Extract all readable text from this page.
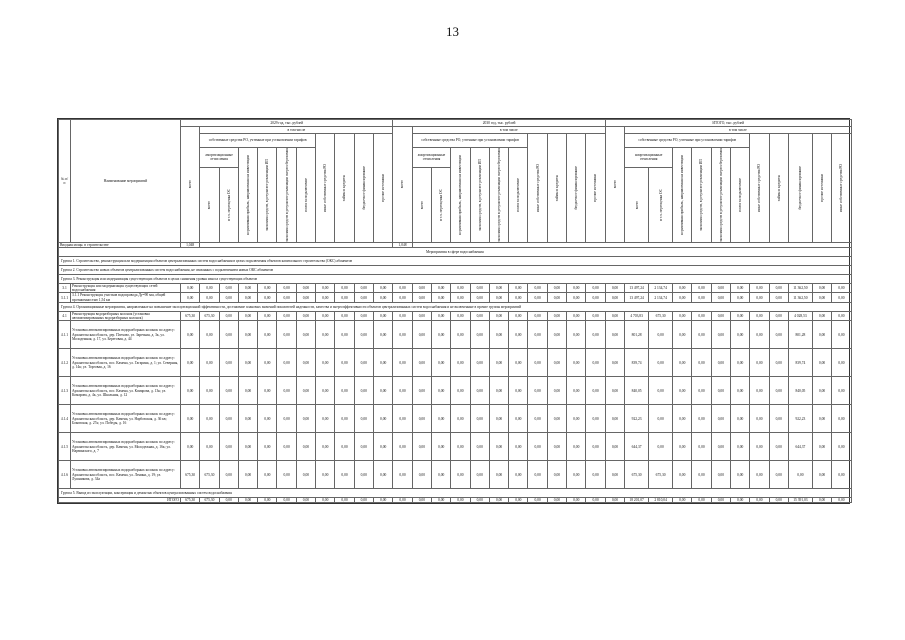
13
№ п/п	Наименование мероприятий	2029 год, тыс. рублей											2030 год, тыс. рублей											ИТОГО, тыс. рублей											

		всего	в том числе										всего	в том числе										всего	в том числе										
			собственные средства РО, учтенные при установлении тарифов						иные собственные средства РО	займы и кредиты	бюджетное финансирование	прочие источники		собственные средства РО, учтенные при установлении тарифов						иные собственные средства РО	займы и кредиты	бюджетное финансирование	прочие источники		собственные средства РО, учтенные при установлении тарифов						иные собственные средства РО	займы и кредиты	бюджетное финансирование	прочие источники	иные собственные средства РО

			амортизационные отчисления		нормативная прибыль, направленная на инвестиции	экономия средств, в результате реализации ИП	экономия средств в результате реализации энергосбережения	плата за подключение						амортизационные отчисления		нормативная прибыль, направленная на инвестиции	экономия средств, в результате реализации ИП	экономия средств в результате реализации энергосбережения	плата за подключение						амортизационные отчисления		нормативная прибыль, направленная на инвестиции	экономия средств, в результате реализации ИП	экономия средств в результате реализации энергосбережения	плата за подключение					

			всего	в т.ч. переоценка ОС										всего	в т.ч. переоценка ОС										всего	в т.ч. переоценка ОС									

Вводная мощн. в строительстве		1,048											1,048																						
Мероприятия в сфере водоснабжения																																			
Группа 1. Строительство, реконструкция или модернизация объектов централизованных систем водоснабжения в целях подключения объектов капитального строительства (ОКС) абонентов																																			
Группа 2. Строительство новых объектов централизованных систем водоснабжения, не связанных с подключением новых ОКС абонентов																																			
Группа 3. Реконструкция или модернизация существующих объектов в целях снижения уровня износа существующих объектов																																			
3.1	Реконструкция или модернизация существующих сетей водоснабжения	0,00	0,00	0,00	0,00	0,00	0,00	0,00	0,00	0,00	0,00	0,00	0,00	0,00	0,00	0,00	0,00	0,00	0,00	0,00	0,00	0,00	0,00	0,00	13 497,24	2 134,74	0,00	0,00	0,00	0,00	0,00	0,00	11 362,50	0,00	0,00
3.1.1	3.1.1 Реконструкция участков водопровода Ду=90 мм, общей протяженностью 1,54 км	0,00	0,00	0,00	0,00	0,00	0,00	0,00	0,00	0,00	0,00	0,00	0,00	0,00	0,00	0,00	0,00	0,00	0,00	0,00	0,00	0,00	0,00	0,00	13 497,24	2 134,74	0,00	0,00	0,00	0,00	0,00	0,00	11 362,50	0,00	0,00
Группа 4. Организационные мероприятия, направленные на повышение эксплуатационной эффективности, достижение плановых значений показателей надежности, качества и энергоэффективности объектов централизованных систем водоснабжения и не включенные в прочие группы мероприятий																																			
4.1	Реконструкция водоразборных колонок (установка автоматизированных водоразборных колонок)	675,30	675,30	0,00	0,00	0,00	0,00	0,00	0,00	0,00	0,00	0,00	0,00	0,00	0,00	0,00	0,00	0,00	0,00	0,00	0,00	0,00	0,00	0,00	4 703,83	675,30	0,00	0,00	0,00	0,00	0,00	0,00	4 028,53	0,00	0,00
4.1.1	Установка автоматизированных водоразборных колонок по адресу: Архангельская область, дер. Плехово, ул. Заречная, д. 3к, ул. Молодежная, д. 17, ул. Береговая, д. 44	0,00	0,00	0,00	0,00	0,00	0,00	0,00	0,00	0,00	0,00	0,00	0,00	0,00	0,00	0,00	0,00	0,00	0,00	0,00	0,00	0,00	0,00	0,00	801,28	0,00	0,00	0,00	0,00	0,00	0,00	0,00	801,28	0,00	0,00
4.1.2	Установка автоматизированных водоразборных колонок по адресу: Архангельская область, пос. Камена, ул. Гагарина, д. 1; ул. Северная, д. 14к; ул. Торговая, д. 16	0,00	0,00	0,00	0,00	0,00	0,00	0,00	0,00	0,00	0,00	0,00	0,00	0,00	0,00	0,00	0,00	0,00	0,00	0,00	0,00	0,00	0,00	0,00	839,74	0,00	0,00	0,00	0,00	0,00	0,00	0,00	839,74	0,00	0,00
4.1.3	Установка автоматизированных водоразборных колонок по адресу: Архангельская область, пос. Камена, ул. Комарова, д. 13к; ул. Комарова, д. 4к, ул. Школьная, д. 12	0,00	0,00	0,00	0,00	0,00	0,00	0,00	0,00	0,00	0,00	0,00	0,00	0,00	0,00	0,00	0,00	0,00	0,00	0,00	0,00	0,00	0,00	0,00	840,05	0,00	0,00	0,00	0,00	0,00	0,00	0,00	840,05	0,00	0,00
4.1.4	Установка автоматизированных водоразборных колонок по адресу: Архангельская область, дер. Камена, ул. Нарбовская, д. 36 кв; Боковская, д. 27к; ул. Победы, д. 16	0,00	0,00	0,00	0,00	0,00	0,00	0,00	0,00	0,00	0,00	0,00	0,00	0,00	0,00	0,00	0,00	0,00	0,00	0,00	0,00	0,00	0,00	0,00	922,23	0,00	0,00	0,00	0,00	0,00	0,00	0,00	922,23	0,00	0,00
4.1.5	Установка автоматизированных водоразборных колонок по адресу: Архангельская область, дер. Камена, ул. Молодежная, д. 16к; ул. Нарвинского, д. 7	0,00	0,00	0,00	0,00	0,00	0,00	0,00	0,00	0,00	0,00	0,00	0,00	0,00	0,00	0,00	0,00	0,00	0,00	0,00	0,00	0,00	0,00	0,00	644,37	0,00	0,00	0,00	0,00	0,00	0,00	0,00	644,37	0,00	0,00
4.1.6	Установка автоматизированных водоразборных колонок по адресу: Архангельская область, пос. Камена, ул. Ленина, д. 19; ул. Лушникова, д. 34а	675,30	675,30	0,00	0,00	0,00	0,00	0,00	0,00	0,00	0,00	0,00	0,00	0,00	0,00	0,00	0,00	0,00	0,00	0,00	0,00	0,00	0,00	0,00	675,30	675,30	0,00	0,00	0,00	0,00	0,00	0,00	0,00	0,00	0,00
Группа 5. Вывод из эксплуатации, консервация и демонтаж объектов централизованных систем водоснабжения																																			
ИТОГО		675,30	675,30	0,00	0,00	0,00	0,00	0,00	0,00	0,00	0,00	0,00	0,00	0,00	0,00	0,00	0,00	0,00	0,00	0,00	0,00	0,00	0,00	0,00	18 201,07	2 810,04	0,00	0,00	0,00	0,00	0,00	0,00	15 391,03	0,00	0,00
